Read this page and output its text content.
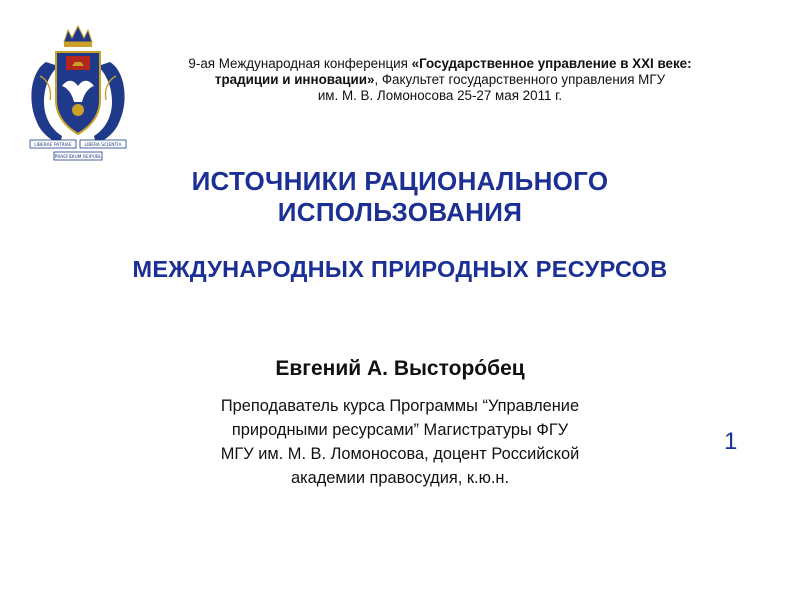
LIBERAE PATRIAE	LIBERA SCIENTIA
PRAEFIDIUM REIPUBL
9-ая Международная конференция «Государственное управление в XXI веке:
традиции и инновации», Факультет государственного управления МГУ
им. М. В. Ломоносова 25-27 мая 2011 г.
ИСТОЧНИКИ РАЦИОНАЛЬНОГО
ИСПОЛЬЗОВАНИЯ
МЕЖДУНАРОДНЫХ ПРИРОДНЫХ РЕСУРСОВ
Евгений А. Высторо́бец
Преподаватель курса Программы “Управление
природными ресурсами” Магистратуры ФГУ
МГУ им. М. В. Ломоносова, доцент Российской
академии правосудия, к.ю.н.
1
